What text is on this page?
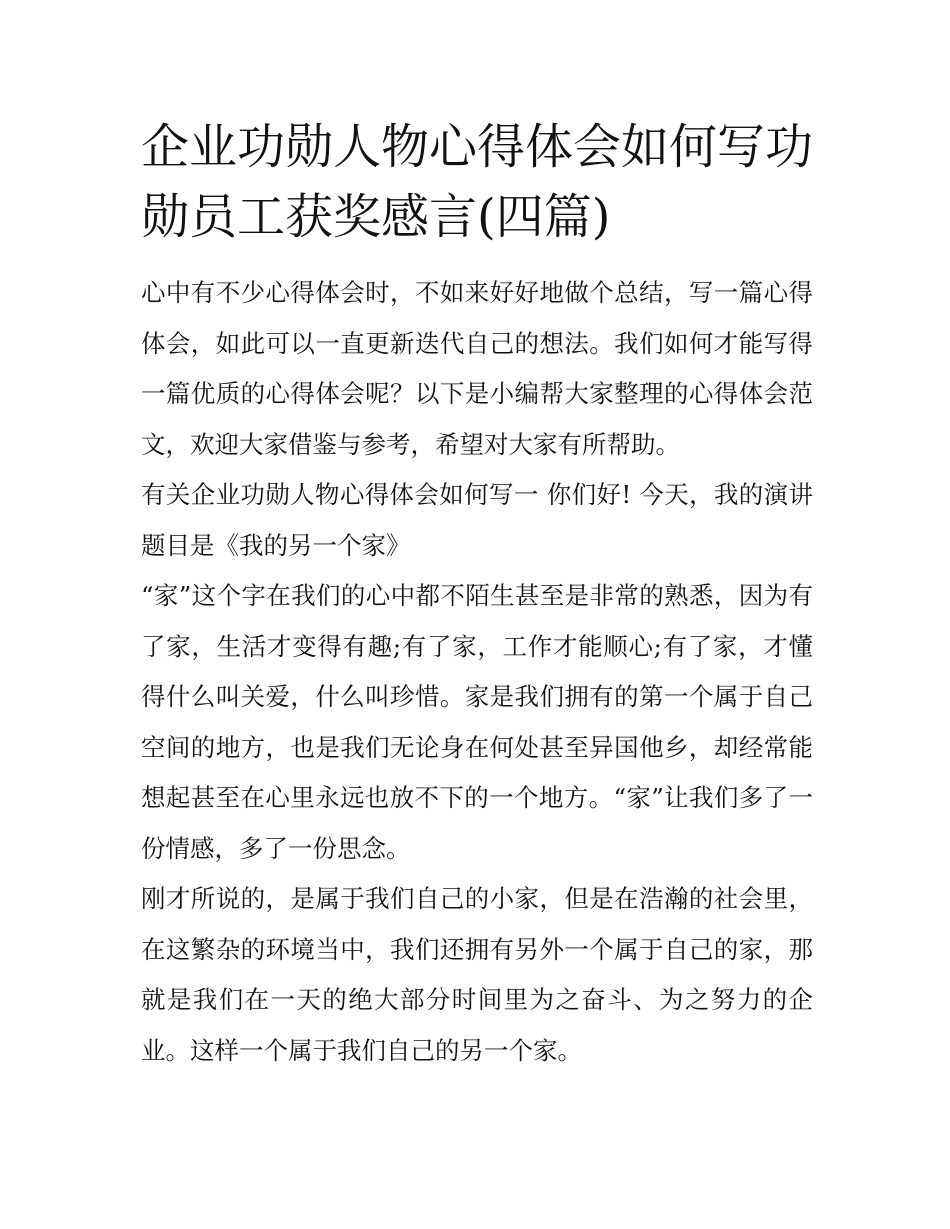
企业功勋人物心得体会如何写功勋员工获奖感言(四篇)

心中有不少心得体会时，不如来好好地做个总结，写一篇心得体会，如此可以一直更新迭代自己的想法。我们如何才能写得一篇优质的心得体会呢？以下是小编帮大家整理的心得体会范文，欢迎大家借鉴与参考，希望对大家有所帮助。

有关企业功勋人物心得体会如何写一 你们好! 今天，我的演讲题目是《我的另一个家》

“家”这个字在我们的心中都不陌生甚至是非常的熟悉，因为有了家，生活才变得有趣;有了家，工作才能顺心;有了家，才懂得什么叫关爱，什么叫珍惜。家是我们拥有的第一个属于自己空间的地方，也是我们无论身在何处甚至异国他乡，却经常能想起甚至在心里永远也放不下的一个地方。“家”让我们多了一份情感，多了一份思念。

刚才所说的，是属于我们自己的小家，但是在浩瀚的社会里，在这繁杂的环境当中，我们还拥有另外一个属于自己的家，那就是我们在一天的绝大部分时间里为之奋斗、为之努力的企业。这样一个属于我们自己的另一个家。
